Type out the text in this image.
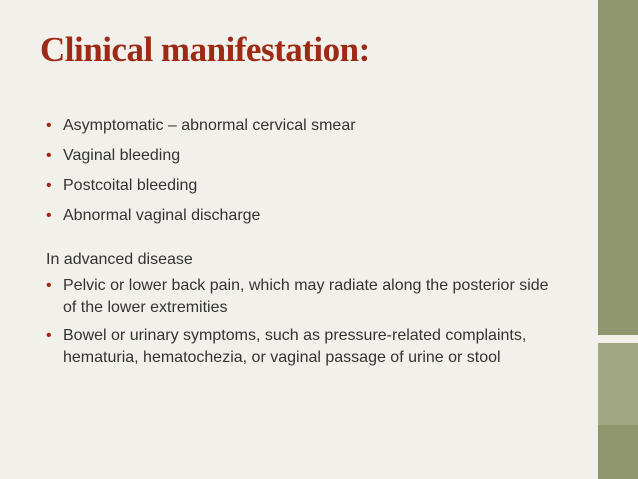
Clinical manifestation:
• Asymptomatic – abnormal cervical smear
• Vaginal bleeding
• Postcoital bleeding
• Abnormal vaginal discharge
In advanced disease
• Pelvic or lower back pain, which may radiate along the posterior side of the lower extremities
• Bowel or urinary symptoms, such as pressure-related complaints, hematuria, hematochezia, or vaginal passage of urine or stool
